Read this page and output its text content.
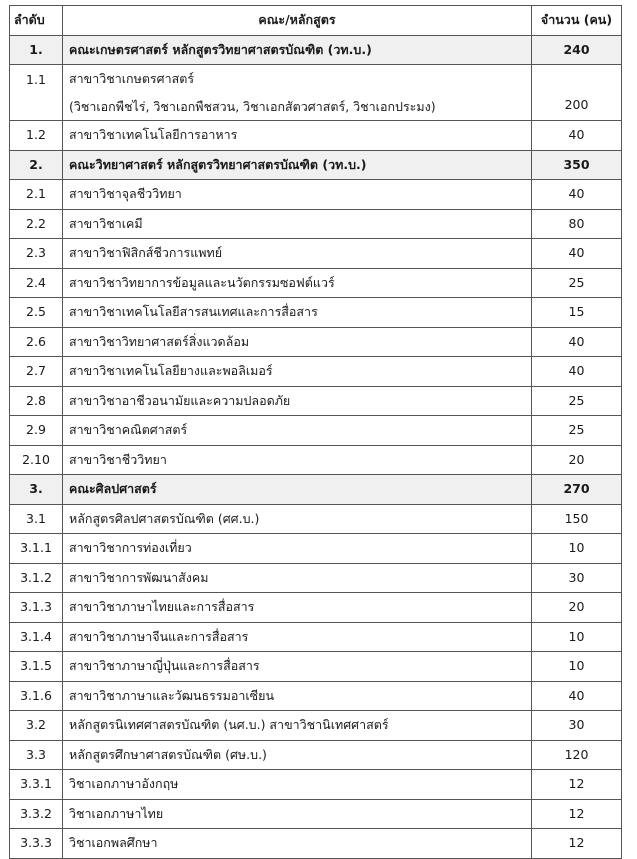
ลำดับ	คณะ/หลักสูตร	จำนวน (คน)
1.	คณะเกษตรศาสตร์ หลักสูตรวิทยาศาสตรบัณฑิต (วท.บ.)	240
1.1	สาขาวิชาเกษตรศาสตร์
(วิชาเอกพืชไร่, วิชาเอกพืชสวน, วิชาเอกสัตวศาสตร์, วิชาเอกประมง)	200
1.2	สาขาวิชาเทคโนโลยีการอาหาร	40
2.	คณะวิทยาศาสตร์ หลักสูตรวิทยาศาสตรบัณฑิต (วท.บ.)	350
2.1	สาขาวิชาจุลชีววิทยา	40
2.2	สาขาวิชาเคมี	80
2.3	สาขาวิชาฟิสิกส์ชีวการแพทย์	40
2.4	สาขาวิชาวิทยาการข้อมูลและนวัตกรรมซอฟต์แวร์	25
2.5	สาขาวิชาเทคโนโลยีสารสนเทศและการสื่อสาร	15
2.6	สาขาวิชาวิทยาศาสตร์สิ่งแวดล้อม	40
2.7	สาขาวิชาเทคโนโลยียางและพอลิเมอร์	40
2.8	สาขาวิชาอาชีวอนามัยและความปลอดภัย	25
2.9	สาขาวิชาคณิตศาสตร์	25
2.10	สาขาวิชาชีววิทยา	20
3.	คณะศิลปศาสตร์	270
3.1	หลักสูตรศิลปศาสตรบัณฑิต (ศศ.บ.)	150
3.1.1	สาขาวิชาการท่องเที่ยว	10
3.1.2	สาขาวิชาการพัฒนาสังคม	30
3.1.3	สาขาวิชาภาษาไทยและการสื่อสาร	20
3.1.4	สาขาวิชาภาษาจีนและการสื่อสาร	10
3.1.5	สาขาวิชาภาษาญี่ปุ่นและการสื่อสาร	10
3.1.6	สาขาวิชาภาษาและวัฒนธรรมอาเซียน	40
3.2	หลักสูตรนิเทศศาสตรบัณฑิต (นศ.บ.) สาขาวิชานิเทศศาสตร์	30
3.3	หลักสูตรศึกษาศาสตรบัณฑิต (ศษ.บ.)	120
3.3.1	วิชาเอกภาษาอังกฤษ	12
3.3.2	วิชาเอกภาษาไทย	12
3.3.3	วิชาเอกพลศึกษา	12
